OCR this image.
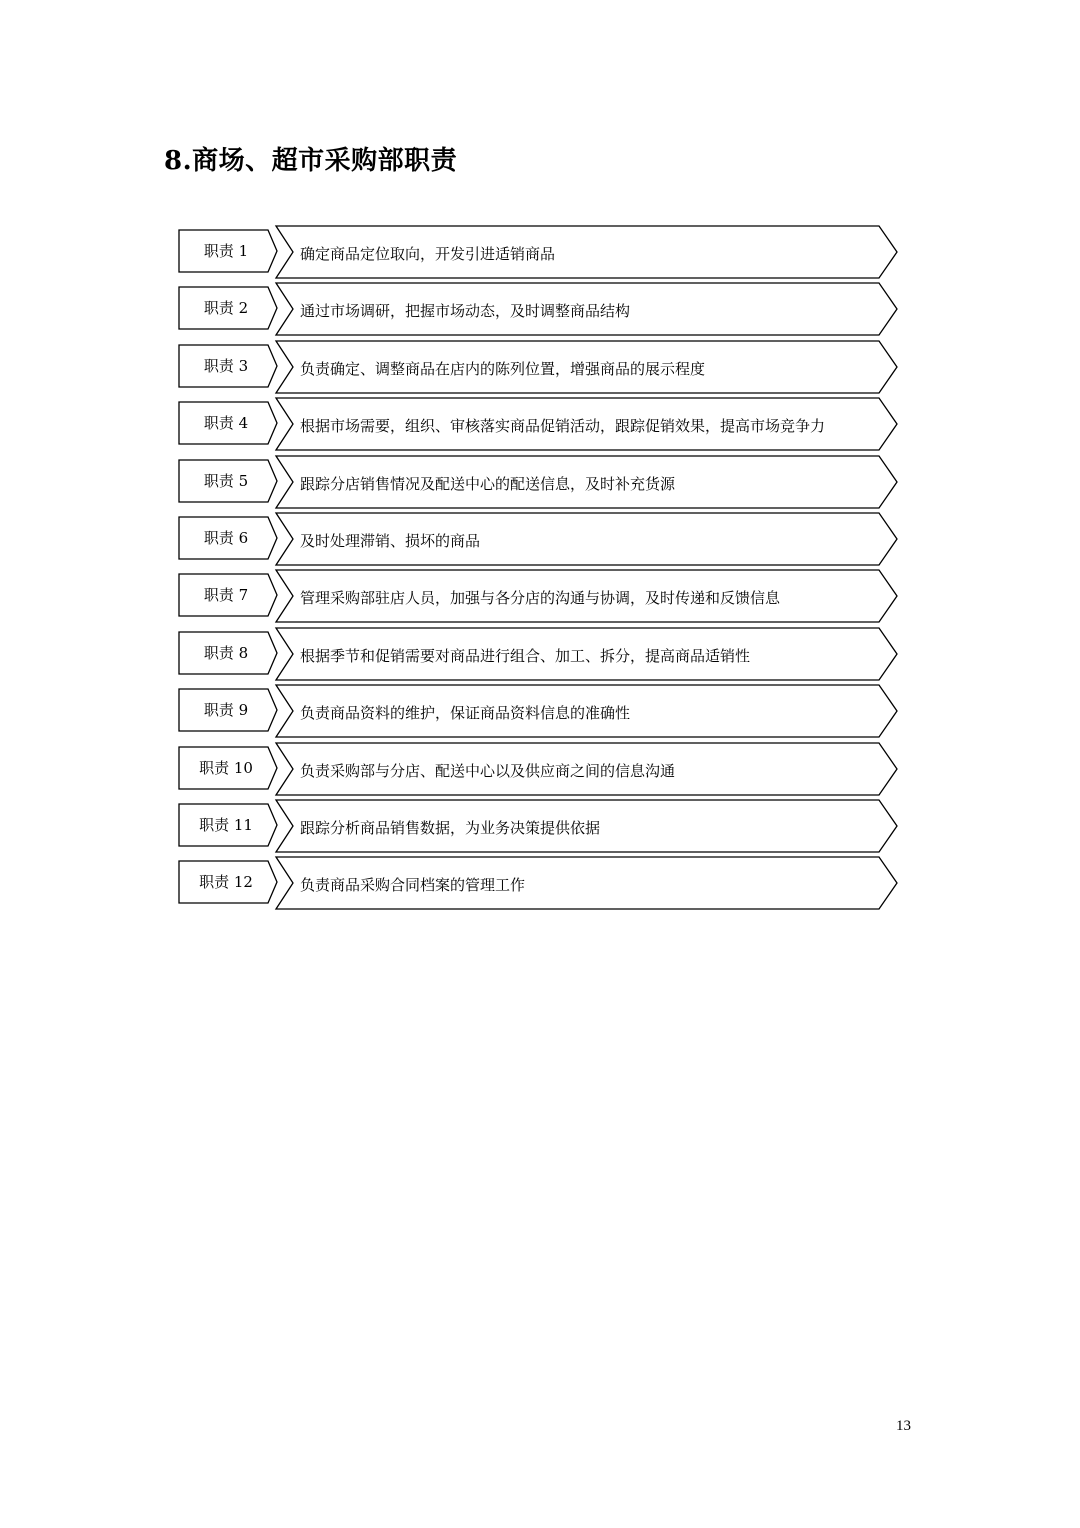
8.商场、超市采购部职责
职责 1	确定商品定位取向，开发引进适销商品
职责 2	通过市场调研，把握市场动态，及时调整商品结构
职责 3	负责确定、调整商品在店内的陈列位置，增强商品的展示程度
职责 4	根据市场需要，组织、审核落实商品促销活动，跟踪促销效果，提高市场竞争力
职责 5	跟踪分店销售情况及配送中心的配送信息，及时补充货源
职责 6	及时处理滞销、损坏的商品
职责 7	管理采购部驻店人员，加强与各分店的沟通与协调，及时传递和反馈信息
职责 8	根据季节和促销需要对商品进行组合、加工、拆分，提高商品适销性
职责 9	负责商品资料的维护，保证商品资料信息的准确性
职责 10	负责采购部与分店、配送中心以及供应商之间的信息沟通
职责 11	跟踪分析商品销售数据，为业务决策提供依据
职责 12	负责商品采购合同档案的管理工作
13
